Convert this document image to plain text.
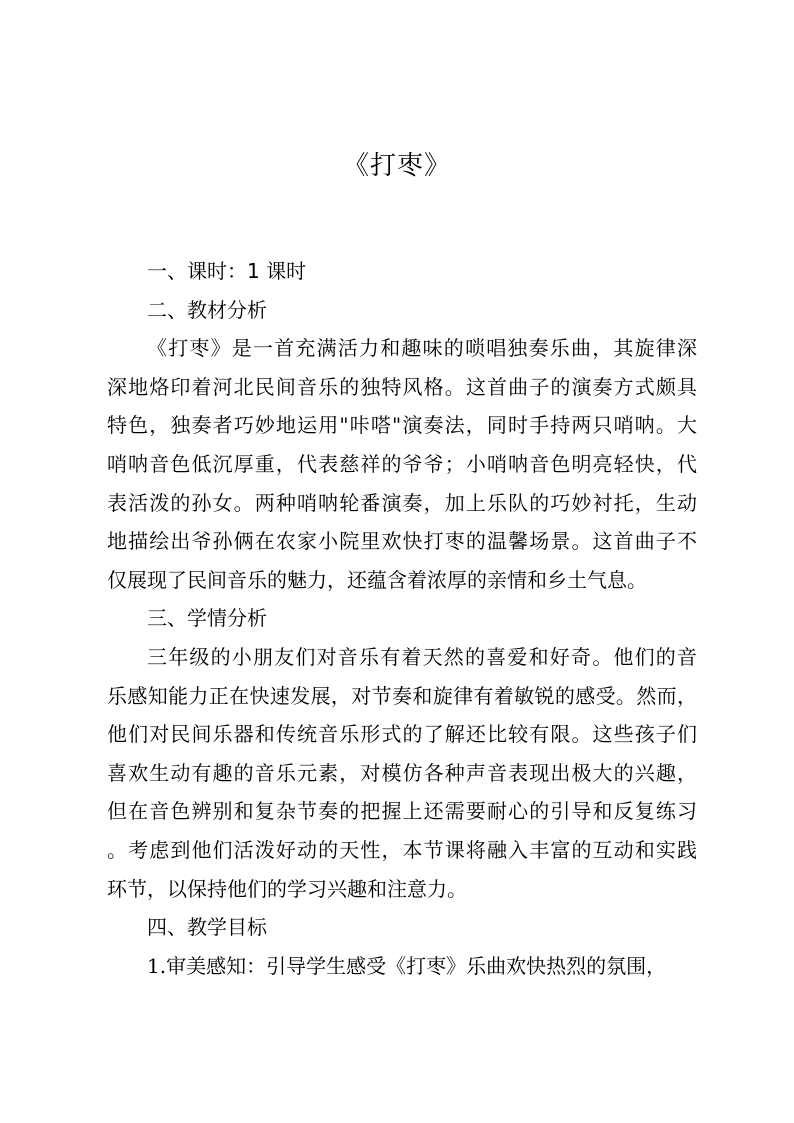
《打枣》
一、课时：1 课时
二、教材分析
《打枣》是一首充满活力和趣味的唢唱独奏乐曲，其旋律深
深地烙印着河北民间音乐的独特风格。这首曲子的演奏方式颇具
特色，独奏者巧妙地运用"咔嗒"演奏法，同时手持两只哨呐。大
哨呐音色低沉厚重，代表慈祥的爷爷；小哨呐音色明亮轻快，代
表活泼的孙女。两种哨呐轮番演奏，加上乐队的巧妙衬托，生动
地描绘出爷孙俩在农家小院里欢快打枣的温馨场景。这首曲子不
仅展现了民间音乐的魅力，还蕴含着浓厚的亲情和乡土气息。
三、学情分析
三年级的小朋友们对音乐有着天然的喜爱和好奇。他们的音
乐感知能力正在快速发展，对节奏和旋律有着敏锐的感受。然而，
他们对民间乐器和传统音乐形式的了解还比较有限。这些孩子们
喜欢生动有趣的音乐元素，对模仿各种声音表现出极大的兴趣，
但在音色辨别和复杂节奏的把握上还需要耐心的引导和反复练习
。考虑到他们活泼好动的天性，本节课将融入丰富的互动和实践
环节，以保持他们的学习兴趣和注意力。
四、教学目标
1.审美感知：引导学生感受《打枣》乐曲欢快热烈的氛围，
